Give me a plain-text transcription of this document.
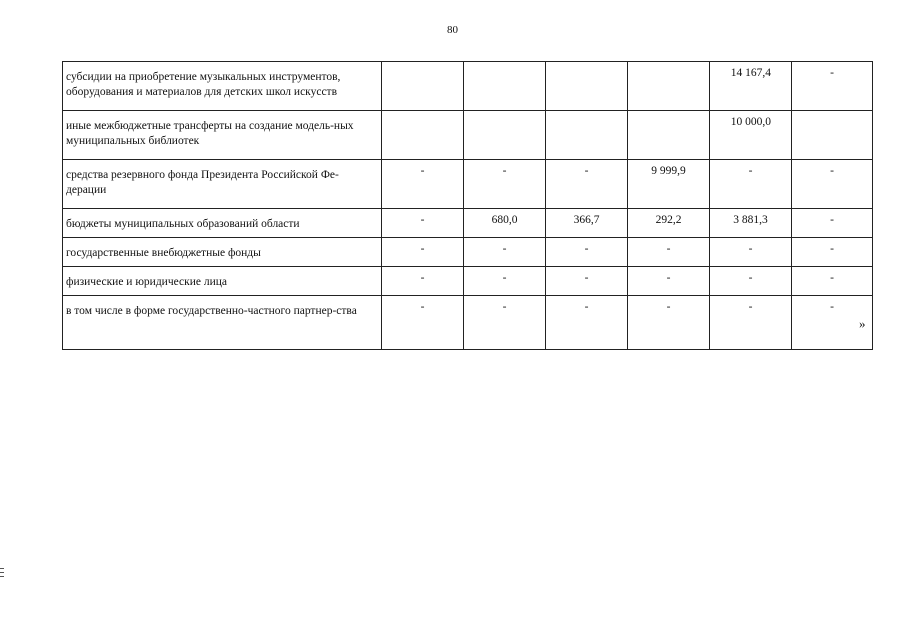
80
субсидии на приобретение музыкальных инструментов, оборудования и материалов для детских школ искусств					14 167,4	-
иные межбюджетные трансферты на создание модель-ных муниципальных библиотек					10 000,0	
средства резервного фонда Президента Российской Фе-дерации	-	-	-	9 999,9	-	-
бюджеты муниципальных образований области	-	680,0	366,7	292,2	3 881,3	-
государственные внебюджетные фонды	-	-	-	-	-	-
физические и юридические лица	-	-	-	-	-	-
в том числе в форме государственно-частного партнер-ства	-	-	-	-	-	-
»
